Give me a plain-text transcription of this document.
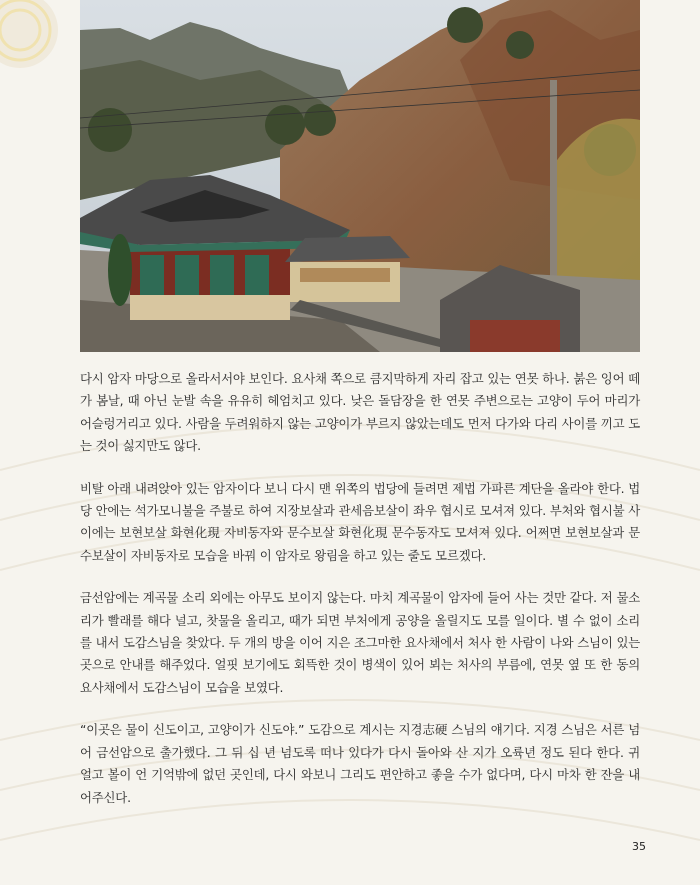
다시 암자 마당으로 올라서서야 보인다. 요사채 쪽으로 큼지막하게 자리 잡고 있는 연못 하나. 붉은 잉어 떼가 봄날, 때 아닌 눈발 속을 유유히 헤엄치고 있다. 낮은 돌담장을 한 연못 주변으로는 고양이 두어 마리가 어슬렁거리고 있다. 사람을 두려워하지 않는 고양이가 부르지 않았는데도 먼저 다가와 다리 사이를 끼고 도는 것이 싫지만도 않다.

비탈 아래 내려앉아 있는 암자이다 보니 다시 맨 위쪽의 법당에 들려면 제법 가파른 계단을 올라야 한다. 법당 안에는 석가모니불을 주불로 하여 지장보살과 관세음보살이 좌우 협시로 모셔져 있다. 부처와 협시불 사이에는 보현보살 화현化現 자비동자와 문수보살 화현化現 문수동자도 모셔져 있다. 어쩌면 보현보살과 문수보살이 자비동자로 모습을 바꿔 이 암자로 왕림을 하고 있는 줄도 모르겠다.

금선암에는 계곡물 소리 외에는 아무도 보이지 않는다. 마치 계곡물이 암자에 들어 사는 것만 같다. 저 물소리가 빨래를 해다 널고, 찻물을 올리고, 때가 되면 부처에게 공양을 올릴지도 모를 일이다. 별 수 없이 소리를 내서 도감스님을 찾았다. 두 개의 방을 이어 지은 조그마한 요사채에서 처사 한 사람이 나와 스님이 있는 곳으로 안내를 해주었다. 얼핏 보기에도 회뜩한 것이 병색이 있어 뵈는 처사의 부름에, 연못 옆 또 한 동의 요사채에서 도감스님이 모습을 보였다.

“이곳은 물이 신도이고, 고양이가 신도야.” 도감으로 계시는 지경志硬 스님의 얘기다. 지경 스님은 서른 넘어 금선암으로 출가했다. 그 뒤 십 년 넘도록 떠나 있다가 다시 돌아와 산 지가 오륙년 정도 된다 한다. 귀 얼고 볼이 언 기억밖에 없던 곳인데, 다시 와보니 그리도 편안하고 좋을 수가 없다며, 다시 마차 한 잔을 내어주신다.

35
